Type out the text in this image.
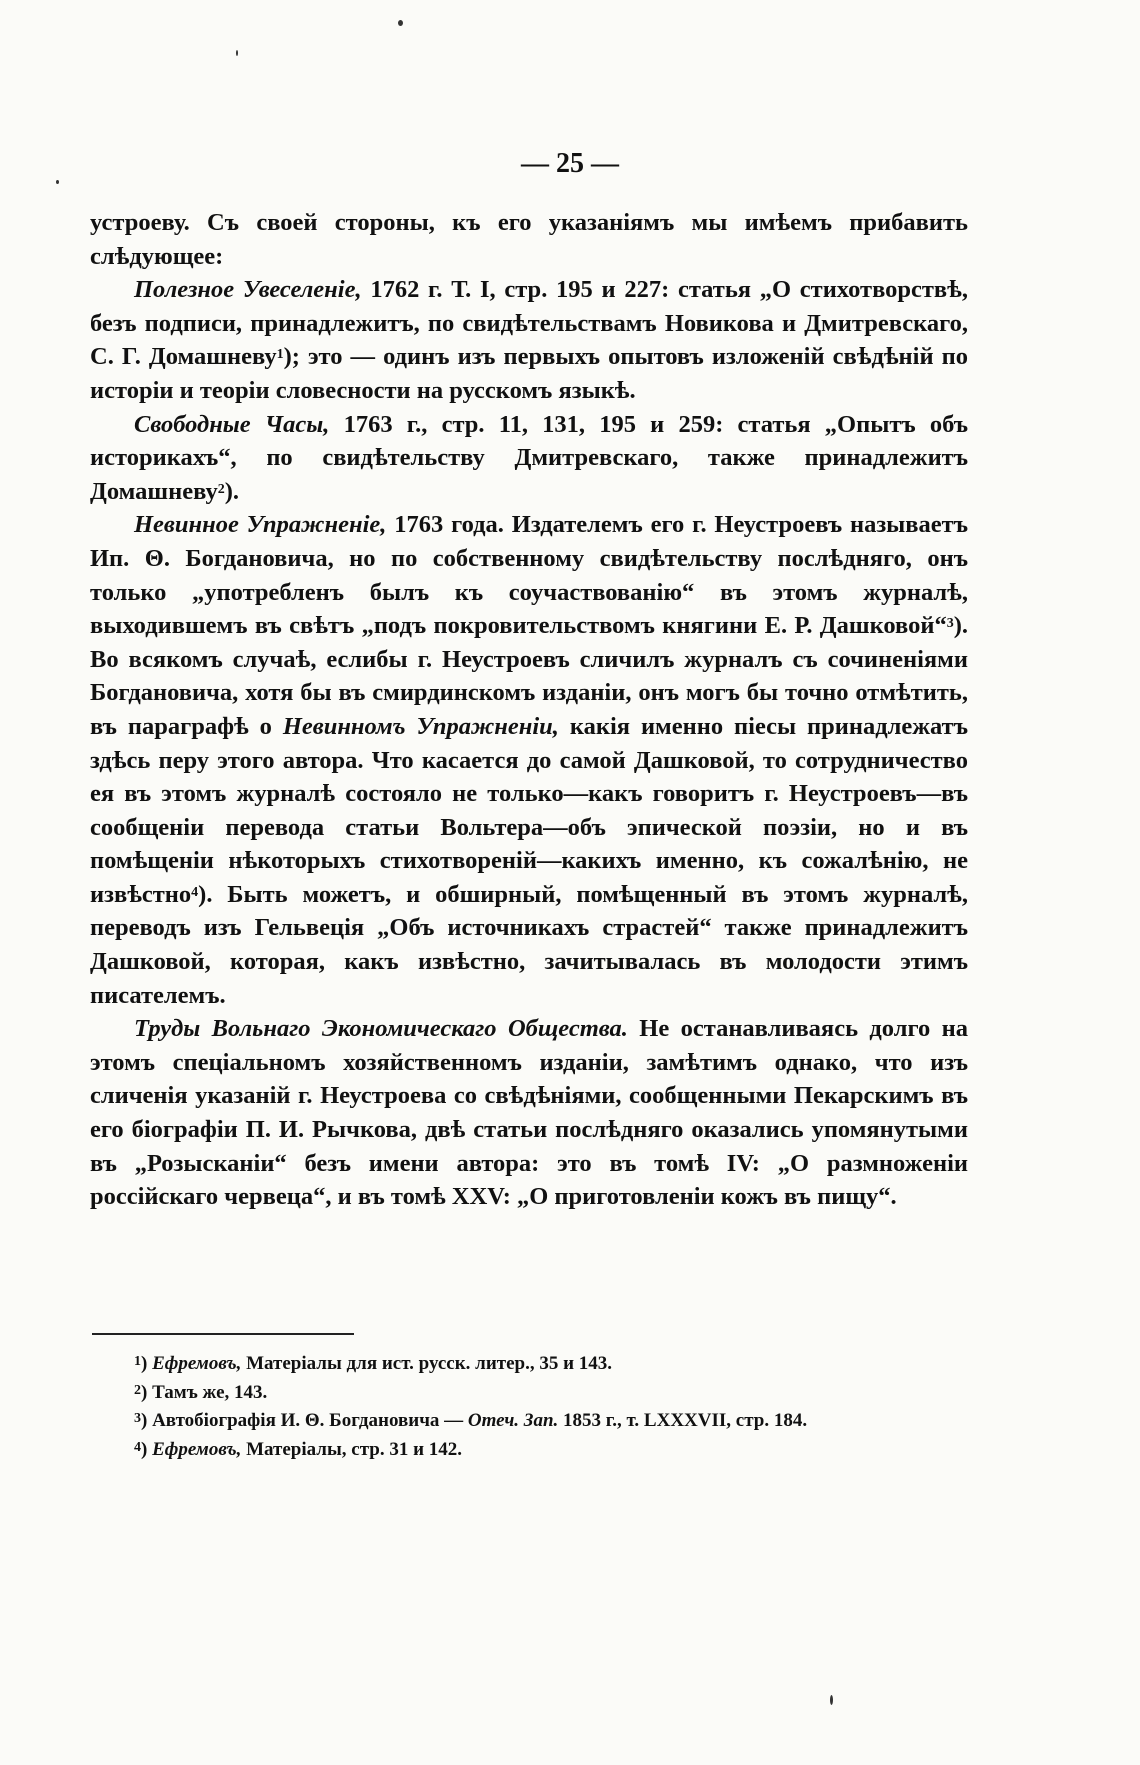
— 25 —

устроеву. Съ своей стороны, къ его указаніямъ мы имѣемъ прибавить слѣдующее:

Полезное Увеселеніе, 1762 г. Т. I, стр. 195 и 227: статья „О стихотворствѣ, безъ подписи, принадлежитъ, по свидѣтельствамъ Новикова и Дмитревскаго, С. Г. Домашневу$^1$); это — одинъ изъ первыхъ опытовъ изложеній свѣдѣній по исторіи и теоріи словесности на русскомъ языкѣ.

Свободные Часы, 1763 г., стр. 11, 131, 195 и 259: статья „Опытъ объ историкахъ“, по свидѣтельству Дмитревскаго, также принадлежитъ Домашневу$^2$).

Невинное Упражненіе, 1763 года. Издателемъ его г. Неустроевъ называетъ Ип. Θ. Богдановича, но по собственному свидѣтельству послѣдняго, онъ только „употребленъ былъ къ соучаствованію“ въ этомъ журналѣ, выходившемъ въ свѣтъ „подъ покровительствомъ княгини Е. Р. Дашковой“$^3$). Во всякомъ случаѣ, еслибы г. Неустроевъ сличилъ журналъ съ сочиненіями Богдановича, хотя бы въ смирдинскомъ изданіи, онъ могъ бы точно отмѣтить, въ параграфѣ о Невинномъ Упражненіи, какія именно піесы принадлежатъ здѣсь перу этого автора. Что касается до самой Дашковой, то сотрудничество ея въ этомъ журналѣ состояло не только—какъ говоритъ г. Неустроевъ—въ сообщеніи перевода статьи Вольтера—объ эпической поэзіи, но и въ помѣщеніи нѣкоторыхъ стихотвореній—какихъ именно, къ сожалѣнію, не извѣстно$^4$). Быть можетъ, и обширный, помѣщенный въ этомъ журналѣ, переводъ изъ Гельвеція „Объ источникахъ страстей“ также принадлежитъ Дашковой, которая, какъ извѣстно, зачитывалась въ молодости этимъ писателемъ.

Труды Вольнаго Экономическаго Общества. Не останавливаясь долго на этомъ спеціальномъ хозяйственномъ изданіи, замѣтимъ однако, что изъ сличенія указаній г. Неустроева со свѣдѣніями, сообщенными Пекарскимъ въ его біографіи П. И. Рычкова, двѣ статьи послѣдняго оказались упомянутыми въ „Розысканіи“ безъ имени автора: это въ томѣ IV: „О размноженіи россійскаго червеца“, и въ томѣ XXV: „О приготовленіи кожъ въ пищу“.

$^1$) Ефремовъ, Матеріалы для ист. русск. литер., 35 и 143.

$^2$) Тамъ же, 143.

$^3$) Автобіографія И. Θ. Богдановича — Отеч. Зап. 1853 г., т. LXXXVII, стр. 184.

$^4$) Ефремовъ, Матеріалы, стр. 31 и 142.
